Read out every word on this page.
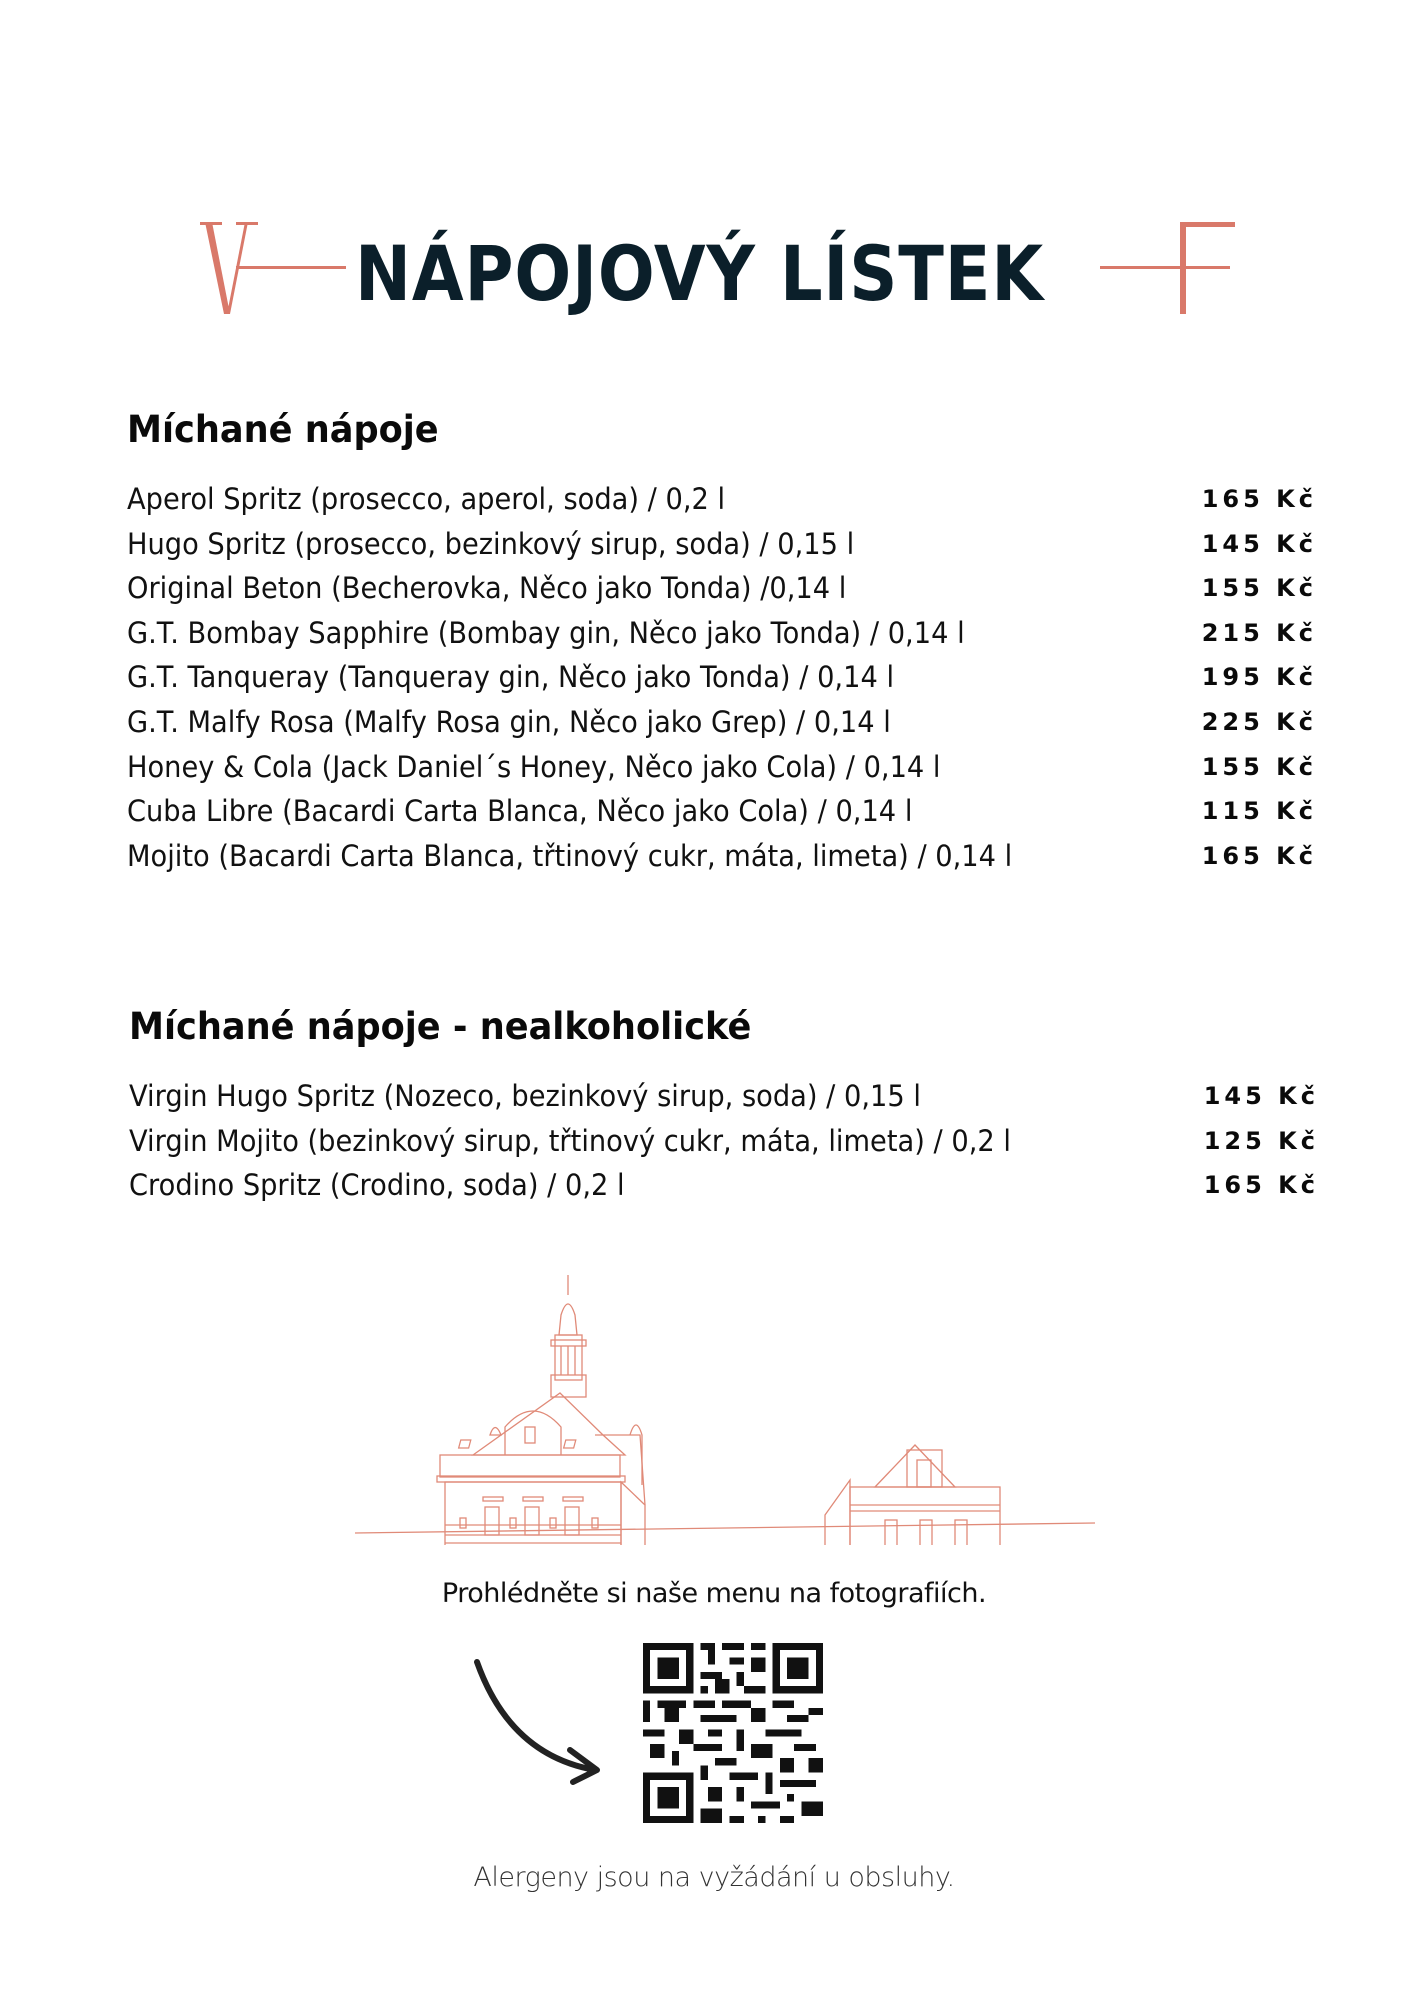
NÁPOJOVÝ LÍSTEK
Míchané nápoje
Aperol Spritz (prosecco, aperol, soda) / 0,2 l	165 Kč
Hugo Spritz (prosecco, bezinkový sirup, soda) / 0,15 l	145 Kč
Original Beton (Becherovka, Něco jako Tonda) /0,14 l	155 Kč
G.T. Bombay Sapphire (Bombay gin, Něco jako Tonda) / 0,14 l	215 Kč
G.T. Tanqueray (Tanqueray gin, Něco jako Tonda) / 0,14 l	195 Kč
G.T. Malfy Rosa (Malfy Rosa gin, Něco jako Grep) / 0,14 l	225 Kč
Honey & Cola (Jack Daniel´s Honey, Něco jako Cola) / 0,14 l	155 Kč
Cuba Libre (Bacardi Carta Blanca, Něco jako Cola) / 0,14 l	115 Kč
Mojito (Bacardi Carta Blanca, třtinový cukr, máta, limeta) / 0,14 l	165 Kč
Míchané nápoje - nealkoholické
Virgin Hugo Spritz (Nozeco, bezinkový sirup, soda) / 0,15 l	145 Kč
Virgin Mojito (bezinkový sirup, třtinový cukr, máta, limeta) / 0,2 l	125 Kč
Crodino Spritz (Crodino, soda) / 0,2 l	165 Kč
Prohlédněte si naše menu na fotografiích.
Alergeny jsou na vyžádání u obsluhy.
